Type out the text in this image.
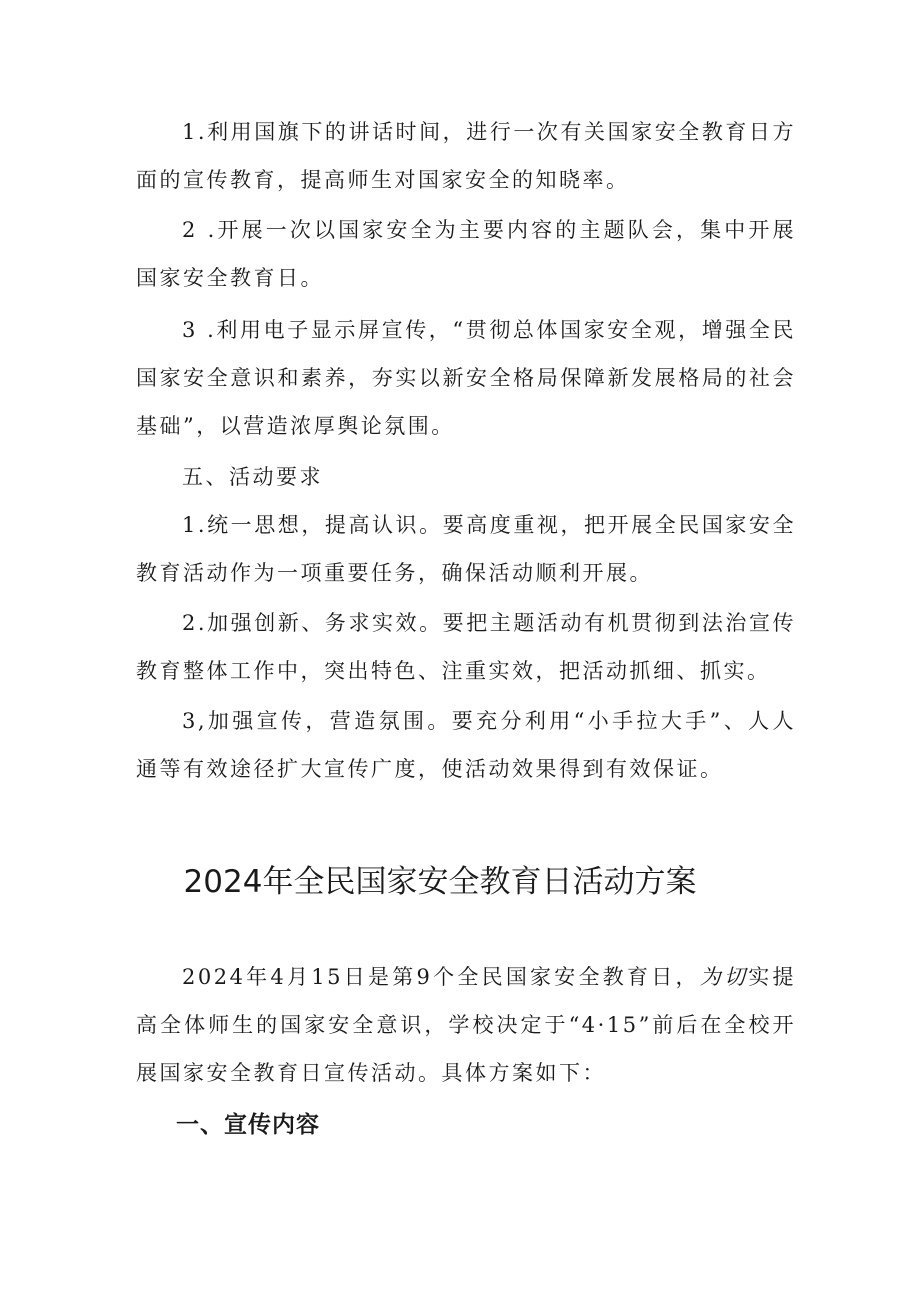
1.利用国旗下的讲话时间，进行一次有关国家安全教育日方面的宣传教育，提高师生对国家安全的知晓率。

2 .开展一次以国家安全为主要内容的主题队会，集中开展国家安全教育日。

3 .利用电子显示屏宣传，“贯彻总体国家安全观，增强全民国家安全意识和素养，夯实以新安全格局保障新发展格局的社会基础”，以营造浓厚舆论氛围。

五、活动要求

1.统一思想，提高认识。要高度重视，把开展全民国家安全教育活动作为一项重要任务，确保活动顺利开展。

2.加强创新、务求实效。要把主题活动有机贯彻到法治宣传教育整体工作中，突出特色、注重实效，把活动抓细、抓实。

3,加强宣传，营造氛围。要充分利用“小手拉大手”、人人通等有效途径扩大宣传广度，使活动效果得到有效保证。

2024年全民国家安全教育日活动方案

2024年4月15日是第9个全民国家安全教育日，为切实提高全体师生的国家安全意识，学校决定于“4·15”前后在全校开展国家安全教育日宣传活动。具体方案如下：

一、宣传内容
